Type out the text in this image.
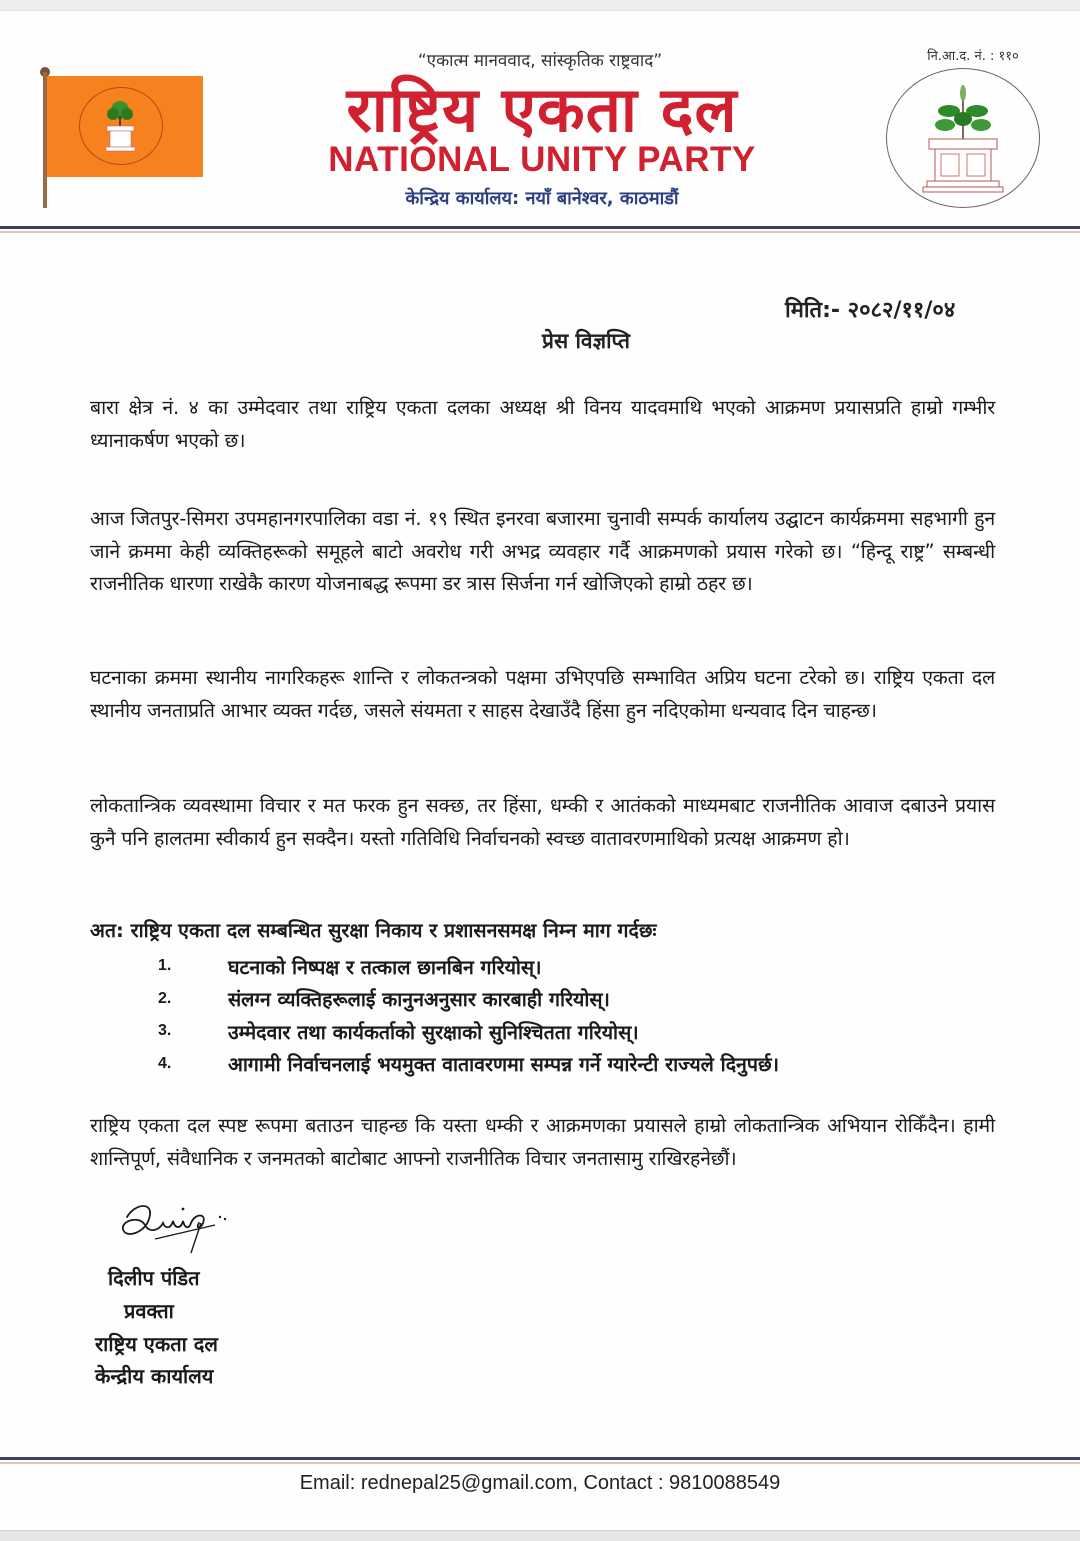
“एकात्म मानववाद, सांस्कृतिक राष्ट्रवाद”
राष्ट्रिय एकता दल
NATIONAL UNITY PARTY
केन्द्रिय कार्यालय: नयाँ बानेश्वर, काठमाडौं
नि.आ.द. नं. : ११०
मिति:- २०८२/११/०४
प्रेस विज्ञप्ति

बारा क्षेत्र नं. ४ का उम्मेदवार तथा राष्ट्रिय एकता दलका अध्यक्ष श्री विनय यादवमाथि भएको आक्रमण प्रयासप्रति हाम्रो गम्भीर ध्यानाकर्षण भएको छ।

आज जितपुर-सिमरा उपमहानगरपालिका वडा नं. १९ स्थित इनरवा बजारमा चुनावी सम्पर्क कार्यालय उद्घाटन कार्यक्रममा सहभागी हुन जाने क्रममा केही व्यक्तिहरूको समूहले बाटो अवरोध गरी अभद्र व्यवहार गर्दै आक्रमणको प्रयास गरेको छ। “हिन्दू राष्ट्र” सम्बन्धी राजनीतिक धारणा राखेकै कारण योजनाबद्ध रूपमा डर त्रास सिर्जना गर्न खोजिएको हाम्रो ठहर छ।

घटनाका क्रममा स्थानीय नागरिकहरू शान्ति र लोकतन्त्रको पक्षमा उभिएपछि सम्भावित अप्रिय घटना टरेको छ। राष्ट्रिय एकता दल स्थानीय जनताप्रति आभार व्यक्त गर्दछ, जसले संयमता र साहस देखाउँदै हिंसा हुन नदिएकोमा धन्यवाद दिन चाहन्छ।

लोकतान्त्रिक व्यवस्थामा विचार र मत फरक हुन सक्छ, तर हिंसा, धम्की र आतंकको माध्यमबाट राजनीतिक आवाज दबाउने प्रयास कुनै पनि हालतमा स्वीकार्य हुन सक्दैन। यस्तो गतिविधि निर्वाचनको स्वच्छ वातावरणमाथिको प्रत्यक्ष आक्रमण हो।

अत: राष्ट्रिय एकता दल सम्बन्धित सुरक्षा निकाय र प्रशासनसमक्ष निम्न माग गर्दछः
1.	घटनाको निष्पक्ष र तत्काल छानबिन गरियोस्।
2.	संलग्न व्यक्तिहरूलाई कानुनअनुसार कारबाही गरियोस्।
3.	उम्मेदवार तथा कार्यकर्ताको सुरक्षाको सुनिश्चितता गरियोस्।
4.	आगामी निर्वाचनलाई भयमुक्त वातावरणमा सम्पन्न गर्ने ग्यारेन्टी राज्यले दिनुपर्छ।

राष्ट्रिय एकता दल स्पष्ट रूपमा बताउन चाहन्छ कि यस्ता धम्की र आक्रमणका प्रयासले हाम्रो लोकतान्त्रिक अभियान रोकिँदैन। हामी शान्तिपूर्ण, संवैधानिक र जनमतको बाटोबाट आफ्नो राजनीतिक विचार जनतासामु राखिरहनेछौं।

दिलीप पंडित
प्रवक्ता
राष्ट्रिय एकता दल
केन्द्रीय कार्यालय
Email: rednepal25@gmail.com, Contact : 9810088549
